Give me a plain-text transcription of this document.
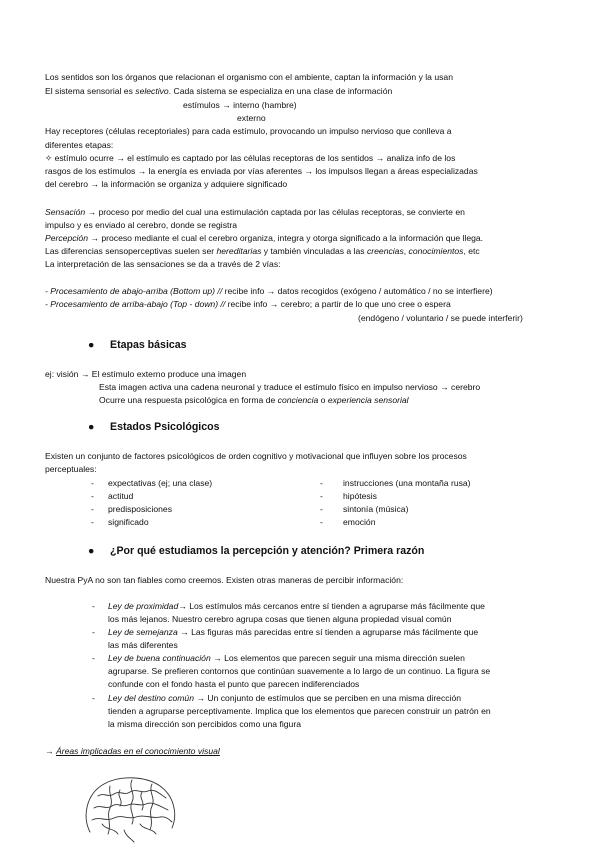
Los sentidos son los órganos que relacionan el organismo con el ambiente, captan la información y la usan
El sistema sensorial es selectivo. Cada sistema se especializa en una clase de información
estímulos → interno (hambre)
externo
Hay receptores (células receptoriales) para cada estímulo, provocando un impulso nervioso que conlleva a
diferentes etapas:
✧ estímulo ocurre → el estímulo es captado por las células receptoras de los sentidos → analiza info de los
rasgos de los estímulos → la energía es enviada por vías aferentes → los impulsos llegan a áreas especializadas
del cerebro → la información se organiza y adquiere significado
Sensación → proceso por medio del cual una estimulación captada por las células receptoras, se convierte en
impulso y es enviado al cerebro, donde se registra
Percepción → proceso mediante el cual el cerebro organiza, integra y otorga significado a la información que llega.
Las diferencias sensoperceptivas suelen ser hereditarias y también vinculadas a las creencias, conocimientos, etc
La interpretación de las sensaciones se da a través de 2 vías:
- Procesamiento de abajo-arriba (Bottom up) // recibe info → datos recogidos (exógeno / automático / no se interfiere)
- Procesamiento de arriba-abajo (Top - down) // recibe info → cerebro; a partir de lo que uno cree o espera
(endógeno / voluntario / se puede interferir)
● Etapas básicas
ej: visión → El estímulo externo produce una imagen
Esta imagen activa una cadena neuronal y traduce el estímulo físico en impulso nervioso → cerebro
Ocurre una respuesta psicológica en forma de conciencia o experiencia sensorial
● Estados Psicológicos
Existen un conjunto de factores psicológicos de orden cognitivo y motivacional que influyen sobre los procesos
perceptuales:
- expectativas (ej; una clase)
- actitud
- predisposiciones
- significado
- instrucciones (una montaña rusa)
- hipótesis
- sintonía (música)
- emoción
● ¿Por qué estudiamos la percepción y atención? Primera razón
Nuestra PyA no son tan fiables como creemos. Existen otras maneras de percibir información:
- Ley de proximidad→ Los estímulos más cercanos entre sí tienden a agruparse más fácilmente que
los más lejanos. Nuestro cerebro agrupa cosas que tienen alguna propiedad visual común
- Ley de semejanza → Las figuras más parecidas entre sí tienden a agruparse más fácilmente que
las más diferentes
- Ley de buena continuación → Los elementos que parecen seguir una misma dirección suelen
agruparse. Se prefieren contornos que continúan suavemente a lo largo de un continuo. La figura se
confunde con el fondo hasta el punto que parecen indiferenciados
- Ley del destino común → Un conjunto de estímulos que se perciben en una misma dirección
tienden a agruparse perceptivamente. Implica que los elementos que parecen construir un patrón en
la misma dirección son percibidos como una figura
→ Áreas implicadas en el conocimiento visual
